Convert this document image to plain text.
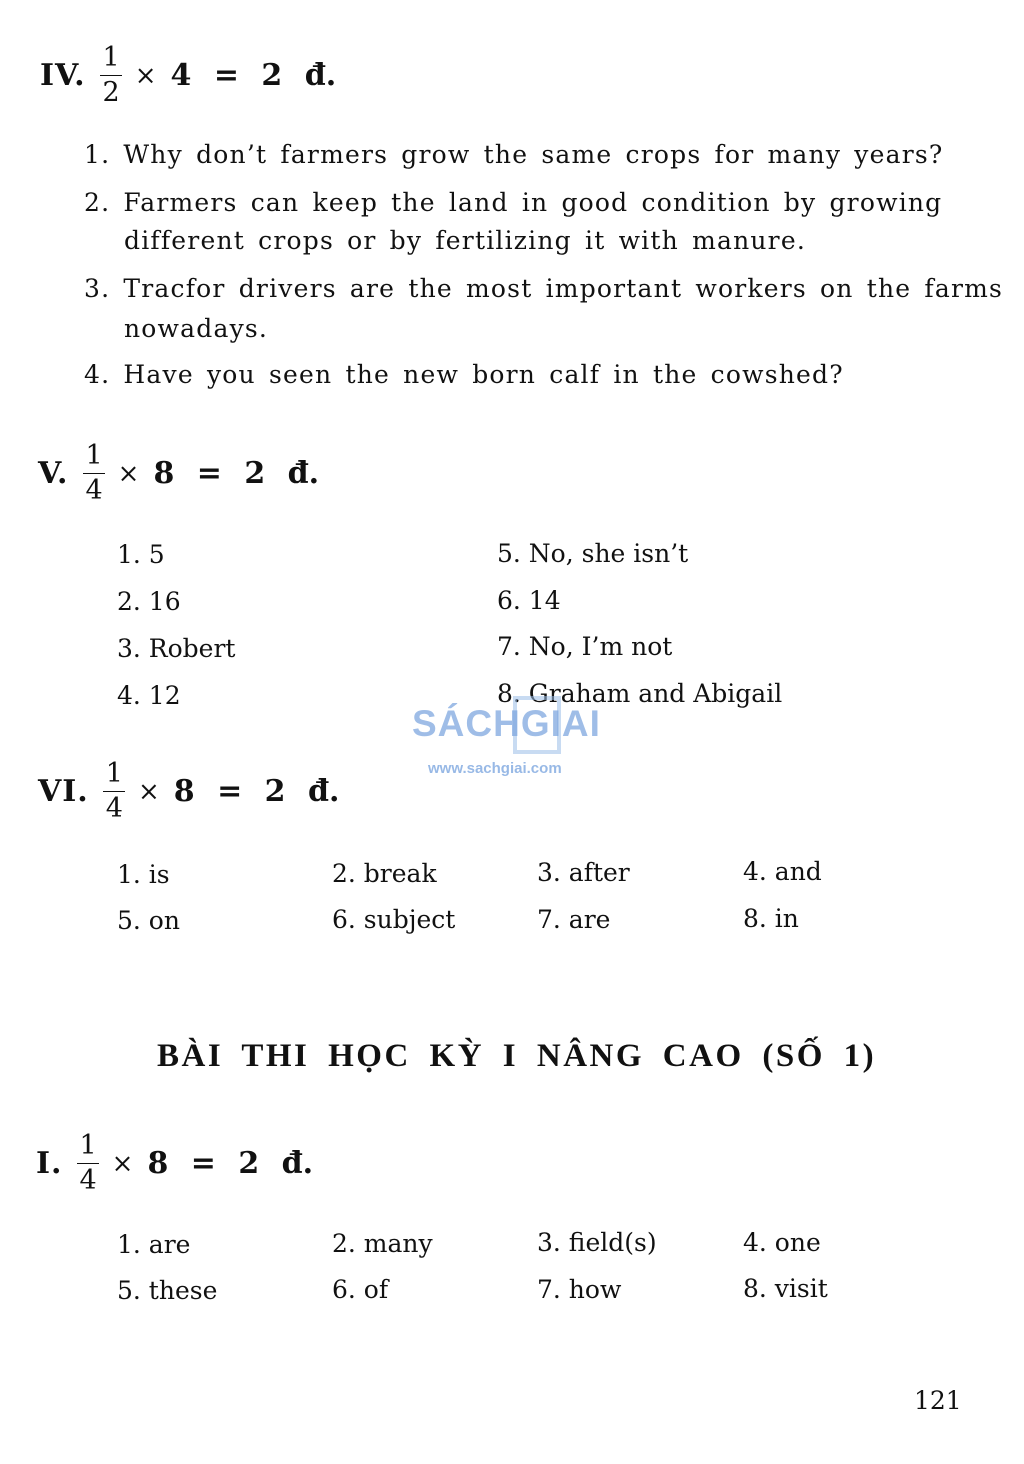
IV. $\frac{1}{2} \times 4 = 2$ đ.
1. Why don’t farmers grow the same crops for many years?
2. Farmers can keep the land in good condition by growing
different crops or by fertilizing it with manure.
3. Tracfor drivers are the most important workers on the farms
nowadays.
4. Have you seen the new born calf in the cowshed?
V. $\frac{1}{4} \times 8 = 2$ đ.
1. 5
2. 16
3. Robert
4. 12
5. No, she isn’t
6. 14
7. No, I’m not
8. Graham and Abigail
SÁCHGIAI
www.sachgiai.com
VI. $\frac{1}{4} \times 8 = 2$ đ.
1. is	2. break	3. after	4. and
5. on	6. subject	7. are	8. in
BÀI THI HỌC KỲ I NÂNG CAO (SỐ 1)
I. $\frac{1}{4} \times 8 = 2$ đ.
1. are	2. many	3. field(s)	4. one
5. these	6. of	7. how	8. visit
121
